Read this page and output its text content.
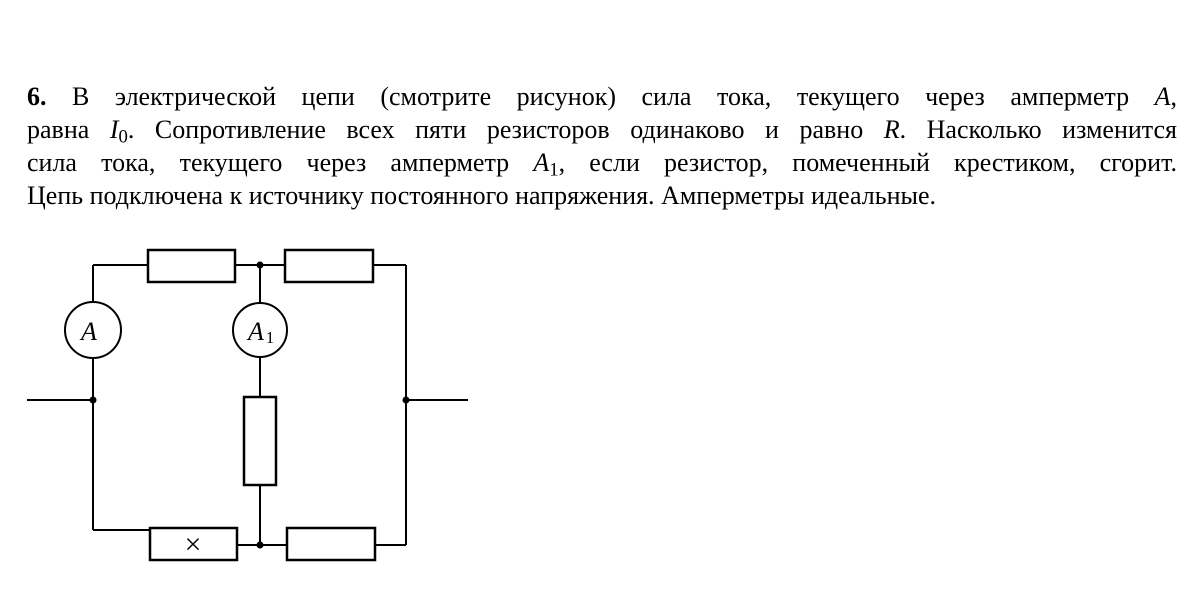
6. В электрической цепи (смотрите рисунок) сила тока, текущего через амперметр A,
равна $I_0$. Сопротивление всех пяти резисторов одинаково и равно R. Насколько изменится
сила тока, текущего через амперметр $A_1$, если резистор, помеченный крестиком, сгорит.
Цепь подключена к источнику постоянного напряжения. Амперметры идеальные.
×
A	A 1
